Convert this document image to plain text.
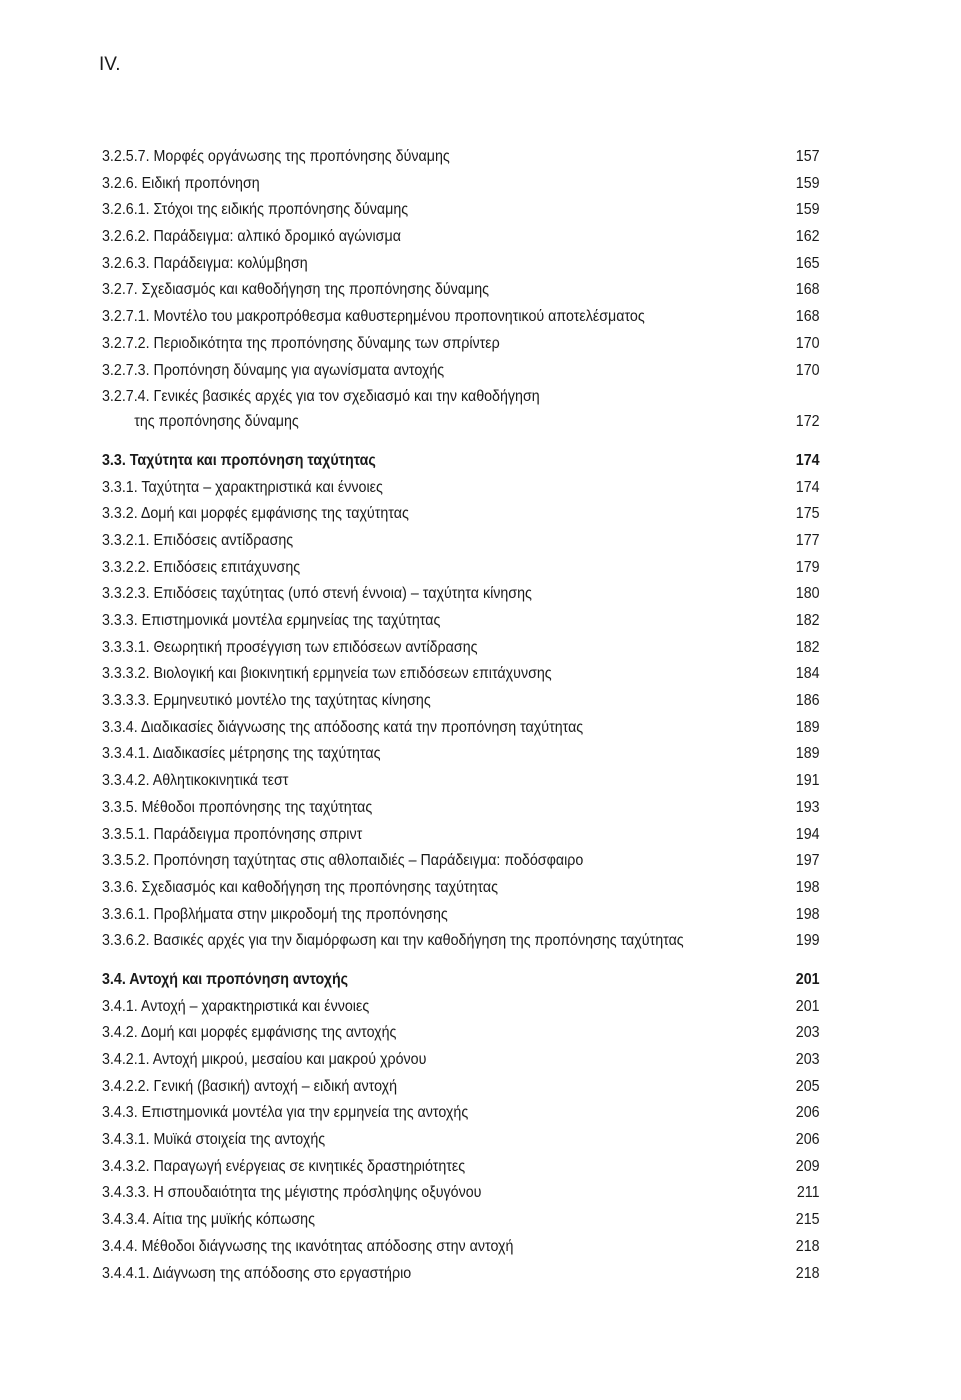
IV.
3.2.5.7. Μορφές οργάνωσης της προπόνησης δύναμης	157
3.2.6. Ειδική προπόνηση	159
3.2.6.1. Στόχοι της ειδικής προπόνησης δύναμης	159
3.2.6.2. Παράδειγμα: αλπικό δρομικό αγώνισμα	162
3.2.6.3. Παράδειγμα: κολύμβηση	165
3.2.7. Σχεδιασμός και καθοδήγηση της προπόνησης δύναμης	168
3.2.7.1. Μοντέλο του μακροπρόθεσμα καθυστερημένου προπονητικού αποτελέσματος	168
3.2.7.2. Περιοδικότητα της προπόνησης δύναμης των σπρίντερ	170
3.2.7.3. Προπόνηση δύναμης για αγωνίσματα αντοχής	170
3.2.7.4. Γενικές βασικές αρχές για τον σχεδιασμό και την καθοδήγηση
της προπόνησης δύναμης	172
3.3. Ταχύτητα και προπόνηση ταχύτητας	174
3.3.1. Ταχύτητα – χαρακτηριστικά και έννοιες	174
3.3.2. Δομή και μορφές εμφάνισης της ταχύτητας	175
3.3.2.1. Επιδόσεις αντίδρασης	177
3.3.2.2. Επιδόσεις επιτάχυνσης	179
3.3.2.3. Επιδόσεις ταχύτητας (υπό στενή έννοια) – ταχύτητα κίνησης	180
3.3.3. Επιστημονικά μοντέλα ερμηνείας της ταχύτητας	182
3.3.3.1. Θεωρητική προσέγγιση των επιδόσεων αντίδρασης	182
3.3.3.2. Βιολογική και βιοκινητική ερμηνεία των επιδόσεων επιτάχυνσης	184
3.3.3.3. Ερμηνευτικό μοντέλο της ταχύτητας κίνησης	186
3.3.4. Διαδικασίες διάγνωσης της απόδοσης κατά την προπόνηση ταχύτητας	189
3.3.4.1. Διαδικασίες μέτρησης της ταχύτητας	189
3.3.4.2. Αθλητικοκινητικά τεστ	191
3.3.5. Μέθοδοι προπόνησης της ταχύτητας	193
3.3.5.1. Παράδειγμα προπόνησης σπριντ	194
3.3.5.2. Προπόνηση ταχύτητας στις αθλοπαιδιές – Παράδειγμα: ποδόσφαιρο	197
3.3.6. Σχεδιασμός και καθοδήγηση της προπόνησης ταχύτητας	198
3.3.6.1. Προβλήματα στην μικροδομή της προπόνησης	198
3.3.6.2. Βασικές αρχές για την διαμόρφωση και την καθοδήγηση της προπόνησης ταχύτητας	199
3.4. Αντοχή και προπόνηση αντοχής	201
3.4.1. Αντοχή – χαρακτηριστικά και έννοιες	201
3.4.2. Δομή και μορφές εμφάνισης της αντοχής	203
3.4.2.1. Αντοχή μικρού, μεσαίου και μακρού χρόνου	203
3.4.2.2. Γενική (βασική) αντοχή – ειδική αντοχή	205
3.4.3. Επιστημονικά μοντέλα για την ερμηνεία της αντοχής	206
3.4.3.1. Μυϊκά στοιχεία της αντοχής	206
3.4.3.2. Παραγωγή ενέργειας σε κινητικές δραστηριότητες	209
3.4.3.3. Η σπουδαιότητα της μέγιστης πρόσληψης οξυγόνου	211
3.4.3.4. Αίτια της μυϊκής κόπωσης	215
3.4.4. Μέθοδοι διάγνωσης της ικανότητας απόδοσης στην αντοχή	218
3.4.4.1. Διάγνωση της απόδοσης στο εργαστήριο	218
